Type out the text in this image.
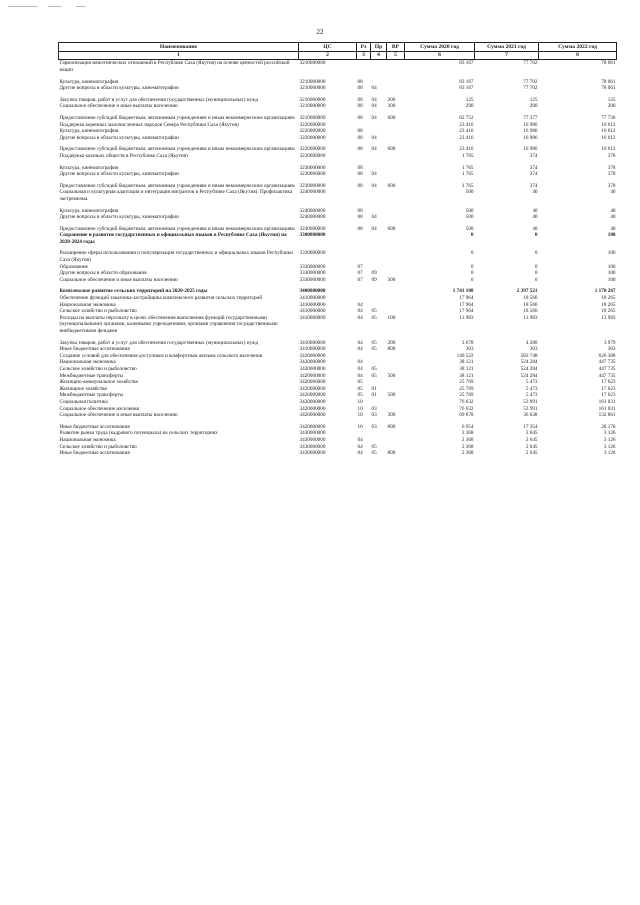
22
Наименование	ЦС	Рз	Пр	ВР	Сумма 2020 год	Сумма 2021 год	Сумма 2022 год
1	2	3	4	5	6	7	8
Гармонизация межэтнических отношений в Республике Саха (Якутия) на основе ценностей российской нации	3210000000				83 167	77 702	78 061

Культура, кинематография	3210000000	08			83 167	77 702	78 061
Другие вопросы в области культуры, кинематографии	3210000000	08	04		83 167	77 702	78 061

Закупка товаров, работ и услуг для обеспечения государственных (муниципальных) нужд	3210000000	08	04	200	125	125	125
Социальное обеспечение и иные выплаты населению	3210000000	08	04	300	290	200	200

Предоставление субсидий бюджетным, автономным учреждениям и иным некоммерческим организациям	3210000000	08	04	600	82 752	77 377	77 736
Поддержка коренных малочисленных народов Севера Республики Саха (Якутия)	3220000000				23 416	16 986	16 612
Культура, кинематография	3220000000	08			23 416	16 986	16 612
Другие вопросы в области культуры, кинематографии	3220000000	08	04		23 416	16 986	16 612

Предоставление субсидий бюджетным, автономным учреждениям и иным некоммерческим организациям	3220000000	08	04	600	23 416	16 986	16 612
Поддержка казачьих обществ в Республике Саха (Якутия)	3230000000				1 765	374	378

Культура, кинематография	3230000000	08			1 765	374	378
Другие вопросы в области культуры, кинематографии	3230000000	08	04		1 765	374	378

Предоставление субсидий бюджетным, автономным учреждениям и иным некоммерческим организациям	3230000000	08	04	600	1 765	374	378
Социальная и культурная адаптация и интеграция мигрантов в Республике Саха (Якутия). Профилактика экстремизма.	3240000000				500	40	40

Культура, кинематография	3240000000	08			500	40	40
Другие вопросы в области культуры, кинематографии	3240000000	08	04		500	40	40

Предоставление субсидий бюджетным, автономным учреждениям и иным некоммерческим организациям	3240000000	08	04	600	500	40	40
Сохранение и развитие государственных и официальных языков в Республике Саха (Якутия) на 2020-2024 годы	3300000000				0	0	100

Расширение сферы использования и популяризация государственных и официальных языков Республики Саха (Якутия)	3330000000				0	0	100
Образование	3330000000	07			0	0	100
Другие вопросы в области образования	3330000000	07	09		0	0	100
Социальное обеспечение и иные выплаты населению	3330000000	07	09	300	0	0	100

Комплексное развитие сельских территорий на 2020-2025 годы	3400000000				1 741 188	2 397 521	1 170 267
Обеспечение функций заказчика-застройщика комплексного развития сельских территорий	3410000000				17 964	18 566	18 265
Национальная экономика	3410000000	04			17 964	18 566	18 265
Сельское хозяйство и рыболовство	3410000000	04	05		17 964	18 566	18 265
Расходы на выплаты персоналу в целях обеспечения выполнения функций государственными (муниципальными) органами, казенными учреждениями, органами управления государственными внебюджетными фондами	3410000000	04	05	100	13 983	13 983	13 983

Закупка товаров, работ и услуг для обеспечения государственных (муниципальных) нужд	3410000000	04	05	200	3 678	4 280	3 979
Иные бюджетные ассигнования	3410000000	04	05	800	303	303	303
Создание условий для обеспечения доступным и комфортным жильем сельского населения	3420000000				140 522	583 748	626 388
Национальная экономика	3420000000	04			38 121	524 284	447 735
Сельское хозяйство и рыболовство	3420000000	04	05		38 121	524 284	447 735
Межбюджетные трансферты	3420000000	04	05	500	38 121	524 284	447 735
Жилищно-коммунальное хозяйство	3420000000	05			25 769	5 473	17 623
Жилищное хозяйство	3420000000	05	01		25 769	5 473	17 623
Межбюджетные трансферты	3420000000	05	01	500	25 769	5 473	17 623
Социальная политика	3420000000	10			76 632	53 991	161 031
Социальное обеспечение населения	3420000000	10	03		76 632	53 991	161 031
Социальное обеспечение и иные выплаты населению	3420000000	10	03	300	69 678	36 638	132 861

Иные бюджетные ассигнования	3420000000	10	03	800	6 954	17 354	28 170
Развитие рынка труда (кадрового потенциала) на сельских территориях	3430000000				2 368	2 645	3 126
Национальная экономика	3430000000	04			2 368	2 645	3 126
Сельское хозяйство и рыболовство	3430000000	04	05		2 368	2 645	3 126
Иные бюджетные ассигнования	3430000000	04	05	800	2 368	2 645	3 126
